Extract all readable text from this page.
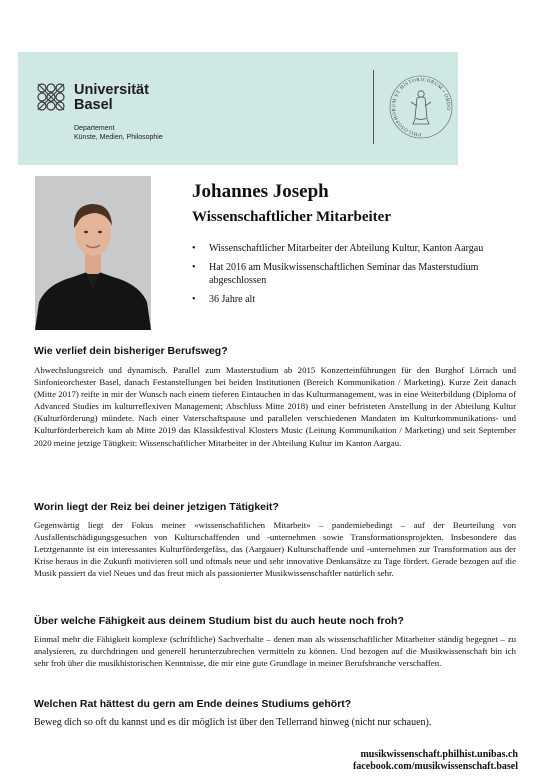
Universität
Basel
Departement
Künste, Medien, Philosophie
PHILOSOPHORUM ET HISTORICORUM • ORDO
Johannes Joseph
Wissenschaftlicher Mitarbeiter
• Wissenschaftlicher Mitarbeiter der Abteilung Kultur, Kanton Aargau
• Hat 2016 am Musikwissenschaftlichen Seminar das Masterstudium abgeschlossen
• 36 Jahre alt
Wie verlief dein bisheriger Berufsweg?

Abwechslungsreich und dynamisch. Parallel zum Masterstudium ab 2015 Konzerteinführungen für den Burghof Lörrach und Sinfonieorchester Basel, danach Festanstellungen bei beiden Institutionen (Bereich Kommunikation / Marketing). Kurze Zeit danach (Mitte 2017) reifte in mir der Wunsch nach einem tieferen Eintauchen in das Kulturmanagement, was in eine Weiterbildung (Diploma of Advanced Studies im kulturreflexiven Management; Abschluss Mitte 2018) und einer befristeten Anstellung in der Abteilung Kultur (Kulturförderung) mündete. Nach einer Vaterschaftspause und parallelen verschiedenen Mandaten im Kulturkommunikations- und Kulturförderbereich kam ab Mitte 2019 das Klassikfestival Klosters Music (Leitung Kommunikation / Marketing) und seit September 2020 meine jetzige Tätigkeit: Wissenschaftlicher Mitarbeiter in der Abteilung Kultur im Kanton Aargau.

Worin liegt der Reiz bei deiner jetzigen Tätigkeit?

Gegenwärtig liegt der Fokus meiner «wissenschaftlichen Mitarbeit» – pandemiebedingt – auf der Beurteilung von Ausfallentschädigungsgesuchen von Kulturschaffenden und -unternehmen sowie Transformationsprojekten. Insbesondere das Letztgenannte ist ein interessantes Kulturfördergefäss, das (Aargauer) Kulturschaffende und -unternehmen zur Transformation aus der Krise heraus in die Zukunft motivieren soll und oftmals neue und sehr innovative Denkansätze zu Tage fördert. Gerade bezogen auf die Musik passiert da viel Neues und das freut mich als passionierter Musikwissenschaftler natürlich sehr.

Über welche Fähigkeit aus deinem Studium bist du auch heute noch froh?

Einmal mehr die Fähigkeit komplexe (schriftliche) Sachverhalte – denen man als wissenschaftlicher Mitarbeiter ständig begegnet – zu analysieren, zu durchdringen und generell herunterzubrechen vermitteln zu können. Und bezogen auf die Musikwissenschaft bin ich sehr froh über die musikhistorischen Kenntnisse, die mir eine gute Grundlage in meiner Berufsbranche verschaffen.

Welchen Rat hättest du gern am Ende deines Studiums gehört?

Beweg dich so oft du kannst und es dir möglich ist über den Tellerrand hinweg (nicht nur schauen).

musikwissenschaft.philhist.unibas.ch
facebook.com/musikwissenschaft.basel
